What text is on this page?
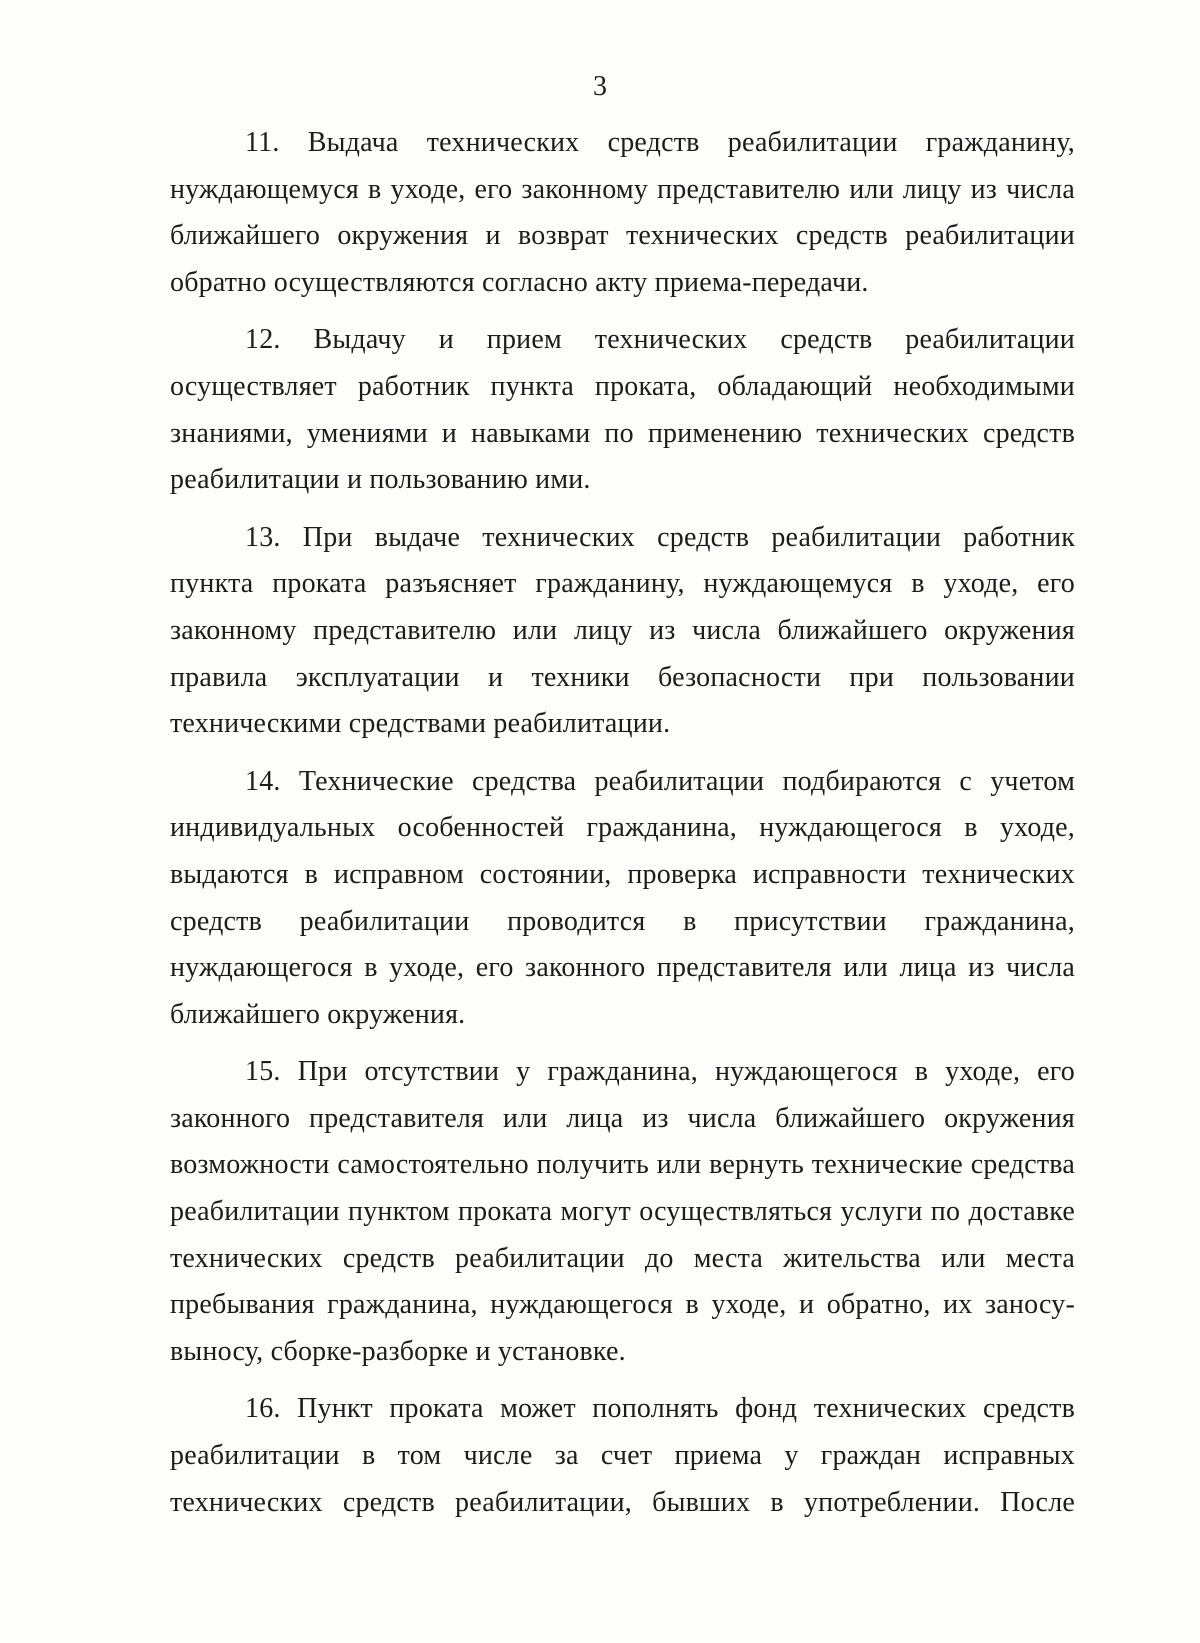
3

11. Выдача технических средств реабилитации гражданину, нуждающемуся в уходе, его законному представителю или лицу из числа ближайшего окружения и возврат технических средств реабилитации обратно осуществляются согласно акту приема-передачи.

12. Выдачу и прием технических средств реабилитации осуществляет работник пункта проката, обладающий необходимыми знаниями, умениями и навыками по применению технических средств реабилитации и пользованию ими.

13. При выдаче технических средств реабилитации работник пункта проката разъясняет гражданину, нуждающемуся в уходе, его законному представителю или лицу из числа ближайшего окружения правила эксплуатации и техники безопасности при пользовании техническими средствами реабилитации.

14. Технические средства реабилитации подбираются с учетом индивидуальных особенностей гражданина, нуждающегося в уходе, выдаются в исправном состоянии, проверка исправности технических средств реабилитации проводится в присутствии гражданина, нуждающегося в уходе, его законного представителя или лица из числа ближайшего окружения.

15. При отсутствии у гражданина, нуждающегося в уходе, его законного представителя или лица из числа ближайшего окружения возможности самостоятельно получить или вернуть технические средства реабилитации пунктом проката могут осуществляться услуги по доставке технических средств реабилитации до места жительства или места пребывания гражданина, нуждающегося в уходе, и обратно, их заносу-выносу, сборке-разборке и установке.

16. Пункт проката может пополнять фонд технических средств реабилитации в том числе за счет приема у граждан исправных технических средств реабилитации, бывших в употреблении. После
